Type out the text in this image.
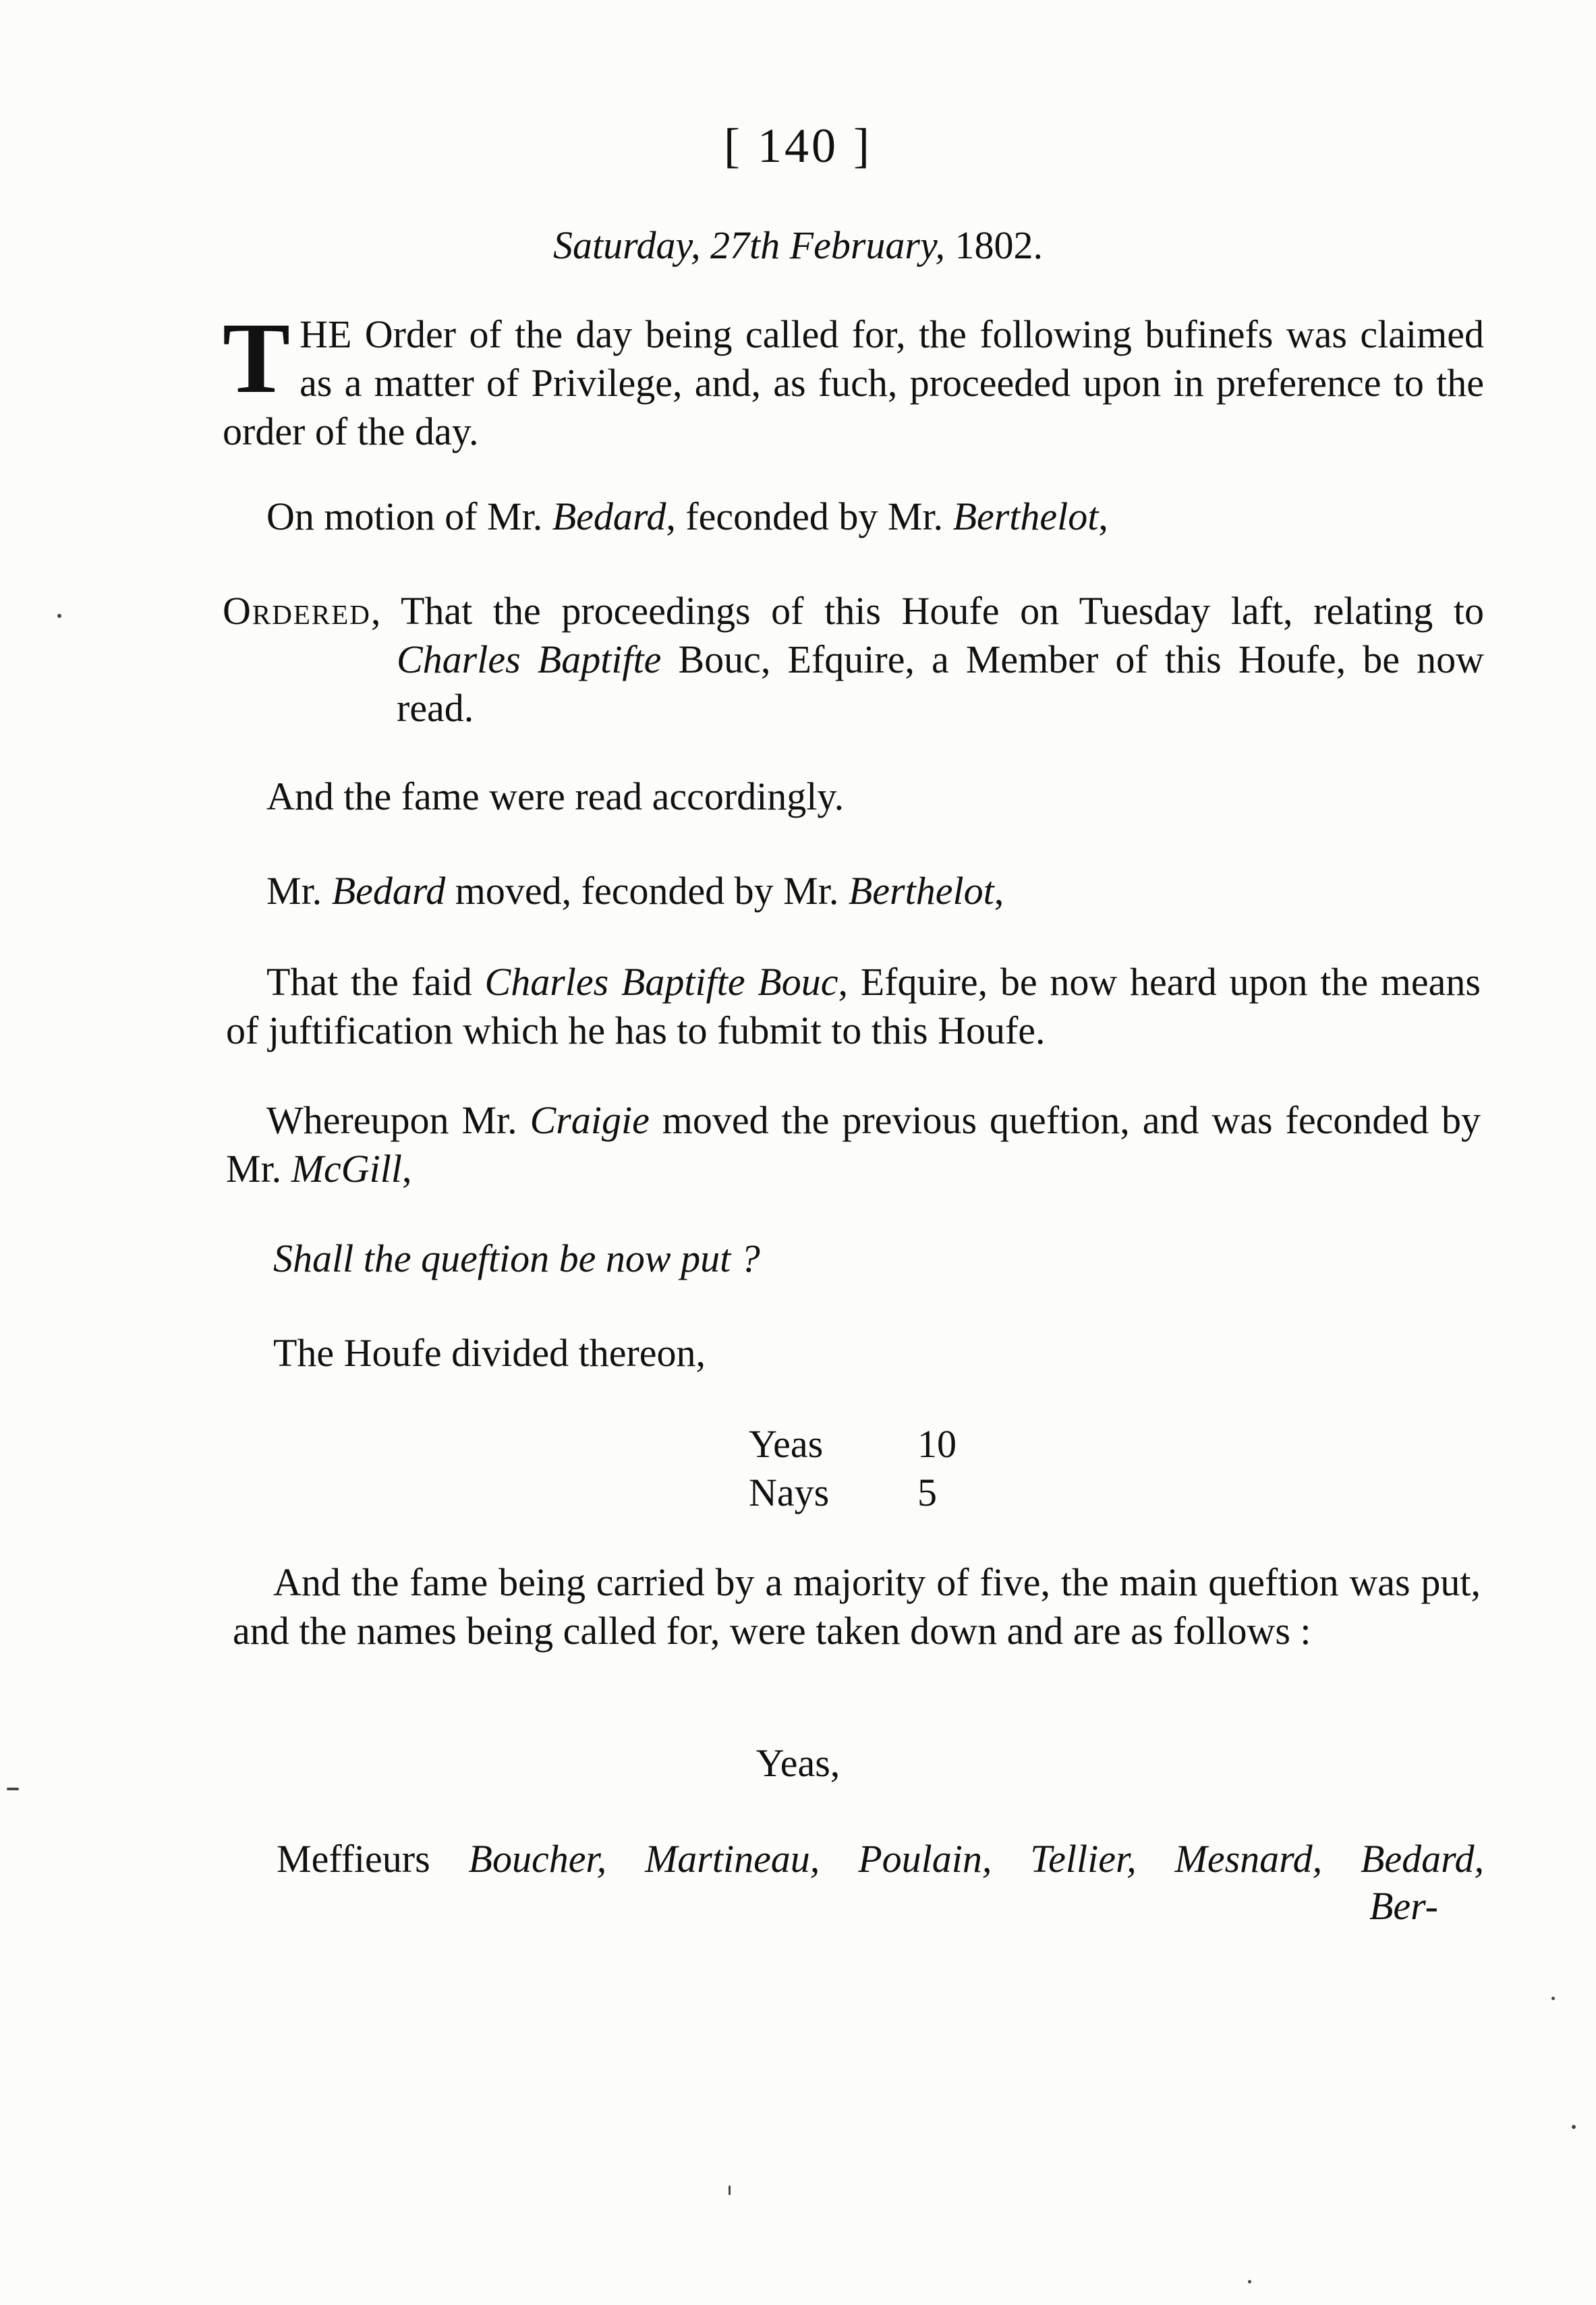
[ 140 ]
Saturday, 27th February, 1802.
THE Order of the day being called for, the following bufinefs was claimed as a matter of Privilege, and, as fuch, proceeded upon in preference to the order of the day.
On motion of Mr. Bedard, feconded by Mr. Berthelot,
Ordered, That the proceedings of this Houfe on Tuesday laft, relating to Charles Baptifte Bouc, Efquire, a Member of this Houfe, be now read.
And the fame were read accordingly.
Mr. Bedard moved, feconded by Mr. Berthelot,
That the faid Charles Baptifte Bouc, Efquire, be now heard upon the means of juftification which he has to fubmit to this Houfe.
Whereupon Mr. Craigie moved the previous queftion, and was feconded by Mr. McGill,
Shall the queftion be now put ?
The Houfe divided thereon,
Yeas	10
Nays	5
And the fame being carried by a majority of five, the main queftion was put, and the names being called for, were taken down and are as follows :
Yeas,
Meffieurs Boucher, Martineau, Poulain, Tellier, Mesnard, Bedard,
Ber-
